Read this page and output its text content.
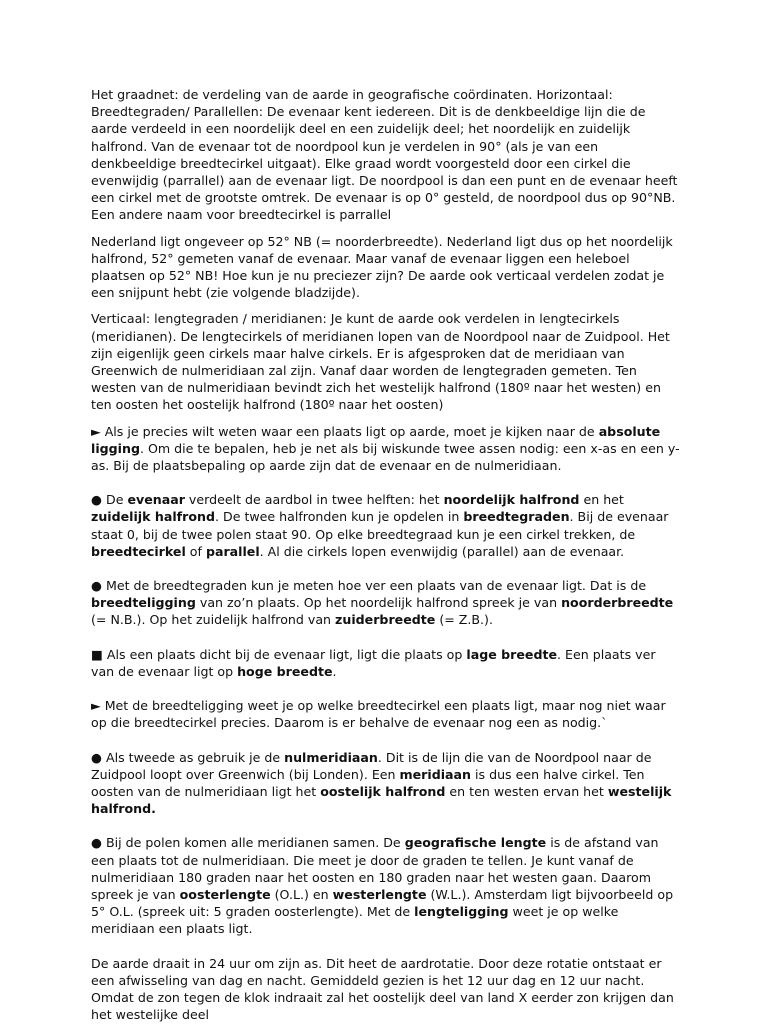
Het graadnet: de verdeling van de aarde in geografische coördinaten. Horizontaal: Breedtegraden/ Parallellen: De evenaar kent iedereen. Dit is de denkbeeldige lijn die de aarde verdeeld in een noordelijk deel en een zuidelijk deel; het noordelijk en zuidelijk halfrond. Van de evenaar tot de noordpool kun je verdelen in 90° (als je van een denkbeeldige breedtecirkel uitgaat). Elke graad wordt voorgesteld door een cirkel die evenwijdig (parrallel) aan de evenaar ligt. De noordpool is dan een punt en de evenaar heeft een cirkel met de grootste omtrek. De evenaar is op 0° gesteld, de noordpool dus op 90°NB. Een andere naam voor breedtecirkel is parrallel

Nederland ligt ongeveer op 52° NB (= noorderbreedte). Nederland ligt dus op het noordelijk halfrond, 52° gemeten vanaf de evenaar. Maar vanaf de evenaar liggen een heleboel plaatsen op 52° NB! Hoe kun je nu preciezer zijn? De aarde ook verticaal verdelen zodat je een snijpunt hebt (zie volgende bladzijde).

Verticaal: lengtegraden / meridianen: Je kunt de aarde ook verdelen in lengtecirkels (meridianen). De lengtecirkels of meridianen lopen van de Noordpool naar de Zuidpool. Het zijn eigenlijk geen cirkels maar halve cirkels. Er is afgesproken dat de meridiaan van Greenwich de nulmeridiaan zal zijn. Vanaf daar worden de lengtegraden gemeten. Ten westen van de nulmeridiaan bevindt zich het westelijk halfrond (180º naar het westen) en ten oosten het oostelijk halfrond (180º naar het oosten)

► Als je precies wilt weten waar een plaats ligt op aarde, moet je kijken naar de absolute ligging. Om die te bepalen, heb je net als bij wiskunde twee assen nodig: een x-as en een y-as. Bij de plaatsbepaling op aarde zijn dat de evenaar en de nulmeridiaan.

● De evenaar verdeelt de aardbol in twee helften: het noordelijk halfrond en het zuidelijk halfrond. De twee halfronden kun je opdelen in breedtegraden. Bij de evenaar staat 0, bij de twee polen staat 90. Op elke breedtegraad kun je een cirkel trekken, de breedtecirkel of parallel. Al die cirkels lopen evenwijdig (parallel) aan de evenaar.

● Met de breedtegraden kun je meten hoe ver een plaats van de evenaar ligt. Dat is de breedteligging van zo’n plaats. Op het noordelijk halfrond spreek je van noorderbreedte (= N.B.). Op het zuidelijk halfrond van zuiderbreedte (= Z.B.).

■ Als een plaats dicht bij de evenaar ligt, ligt die plaats op lage breedte. Een plaats ver van de evenaar ligt op hoge breedte.

► Met de breedteligging weet je op welke breedtecirkel een plaats ligt, maar nog niet waar op die breedtecirkel precies. Daarom is er behalve de evenaar nog een as nodig.`

● Als tweede as gebruik je de nulmeridiaan. Dit is de lijn die van de Noordpool naar de Zuidpool loopt over Greenwich (bij Londen). Een meridiaan is dus een halve cirkel. Ten oosten van de nulmeridiaan ligt het oostelijk halfrond en ten westen ervan het westelijk halfrond.

● Bij de polen komen alle meridianen samen. De geografische lengte is de afstand van een plaats tot de nulmeridiaan. Die meet je door de graden te tellen. Je kunt vanaf de nulmeridiaan 180 graden naar het oosten en 180 graden naar het westen gaan. Daarom spreek je van oosterlengte (O.L.) en westerlengte (W.L.). Amsterdam ligt bijvoorbeeld op 5° O.L. (spreek uit: 5 graden oosterlengte). Met de lengteligging weet je op welke meridiaan een plaats ligt.

De aarde draait in 24 uur om zijn as. Dit heet de aardrotatie. Door deze rotatie ontstaat er een afwisseling van dag en nacht. Gemiddeld gezien is het 12 uur dag en 12 uur nacht. Omdat de zon tegen de klok indraait zal het oostelijk deel van land X eerder zon krijgen dan het westelijke deel
